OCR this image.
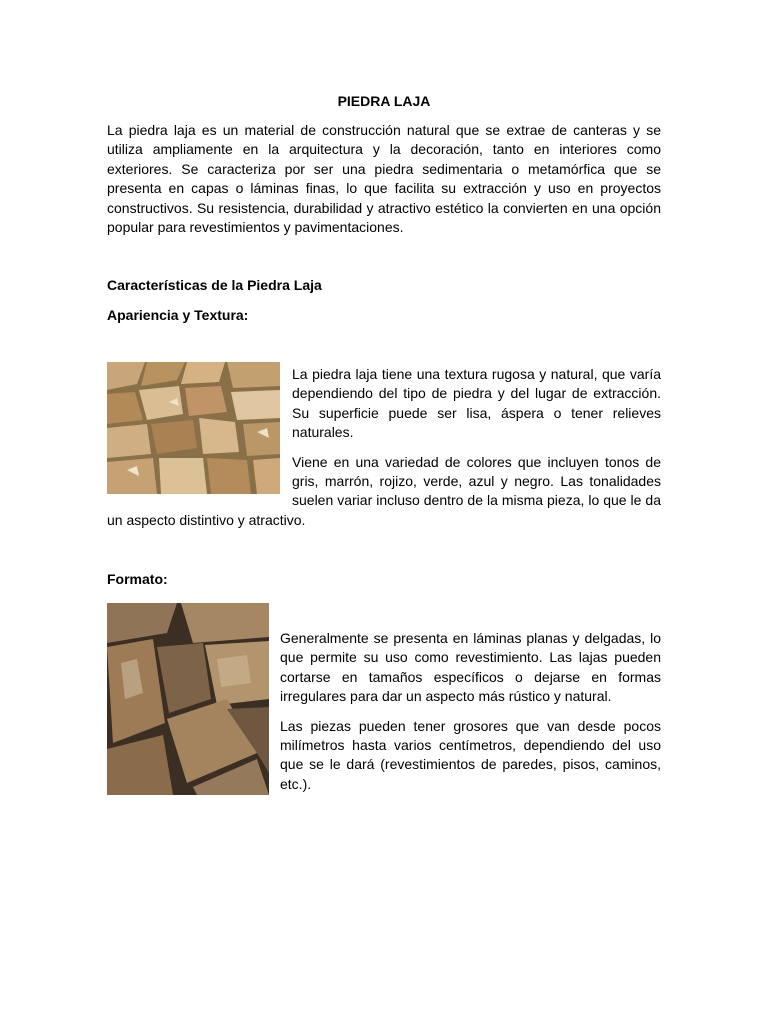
PIEDRA LAJA

La piedra laja es un material de construcción natural que se extrae de canteras y se utiliza ampliamente en la arquitectura y la decoración, tanto en interiores como exteriores. Se caracteriza por ser una piedra sedimentaria o metamórfica que se presenta en capas o láminas finas, lo que facilita su extracción y uso en proyectos constructivos. Su resistencia, durabilidad y atractivo estético la convierten en una opción popular para revestimientos y pavimentaciones.

Características de la Piedra Laja
Apariencia y Textura:

La piedra laja tiene una textura rugosa y natural, que varía dependiendo del tipo de piedra y del lugar de extracción. Su superficie puede ser lisa, áspera o tener relieves naturales.

Viene en una variedad de colores que incluyen tonos de gris, marrón, rojizo, verde, azul y negro. Las tonalidades suelen variar incluso dentro de la misma pieza, lo que le da un aspecto distintivo y atractivo.

Formato:

Generalmente se presenta en láminas planas y delgadas, lo que permite su uso como revestimiento. Las lajas pueden cortarse en tamaños específicos o dejarse en formas irregulares para dar un aspecto más rústico y natural.

Las piezas pueden tener grosores que van desde pocos milímetros hasta varios centímetros, dependiendo del uso que se le dará (revestimientos de paredes, pisos, caminos, etc.).
